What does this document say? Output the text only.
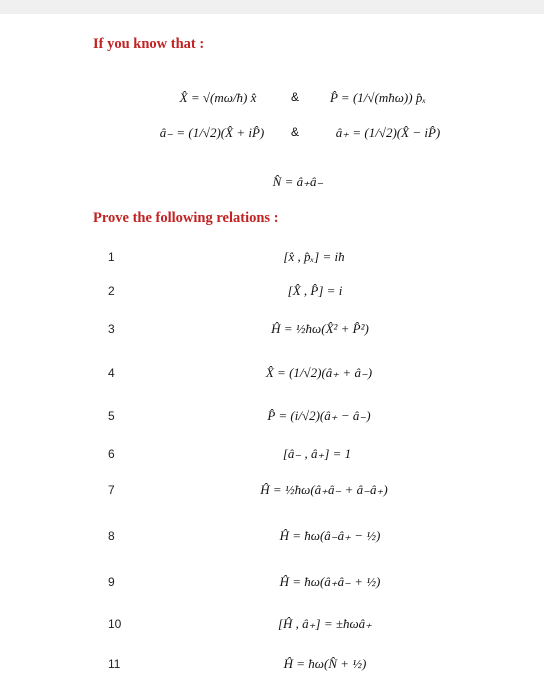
If you know that :
X̂ = √(mω/ħ) x̂	& P̂ = (1/√(mħω)) p̂ₓ
â₋ = (1/√2)(X̂ + iP̂) &	â₊ = (1/√2)(X̂ − iP̂)
N̂ = â₊â₋
Prove the following relations :
1	[x̂ , p̂ₓ] = iħ
2	[X̂ , P̂] = i
3	Ĥ = ½ħω(X̂² + P̂²)
4	X̂ = (1/√2)(â₊ + â₋)
5	P̂ = (i/√2)(â₊ − â₋)
6	[â₋ , â₊] = 1
7	Ĥ = ½ħω(â₊â₋ + â₋â₊)
8	Ĥ = ħω(â₋â₊ − ½)
9	Ĥ = ħω(â₊â₋ + ½)
10	[Ĥ , â₊] = ±ħωâ₊
11	Ĥ = ħω(N̂ + ½)
